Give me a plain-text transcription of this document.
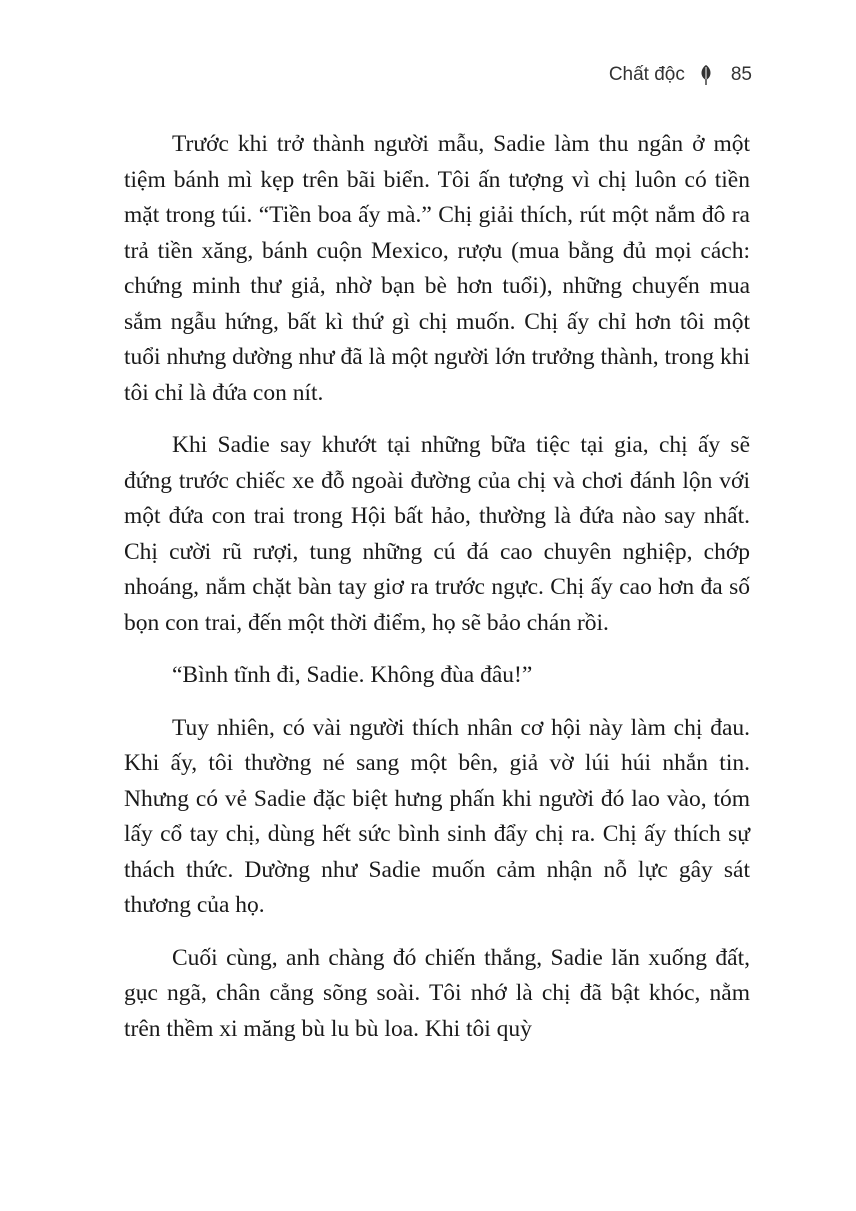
Chất độc 85

Trước khi trở thành người mẫu, Sadie làm thu ngân ở một tiệm bánh mì kẹp trên bãi biển. Tôi ấn tượng vì chị luôn có tiền mặt trong túi. “Tiền boa ấy mà.” Chị giải thích, rút một nắm đô ra trả tiền xăng, bánh cuộn Mexico, rượu (mua bằng đủ mọi cách: chứng minh thư giả, nhờ bạn bè hơn tuổi), những chuyến mua sắm ngẫu hứng, bất kì thứ gì chị muốn. Chị ấy chỉ hơn tôi một tuổi nhưng dường như đã là một người lớn trưởng thành, trong khi tôi chỉ là đứa con nít.

Khi Sadie say khướt tại những bữa tiệc tại gia, chị ấy sẽ đứng trước chiếc xe đỗ ngoài đường của chị và chơi đánh lộn với một đứa con trai trong Hội bất hảo, thường là đứa nào say nhất. Chị cười rũ rượi, tung những cú đá cao chuyên nghiệp, chớp nhoáng, nắm chặt bàn tay giơ ra trước ngực. Chị ấy cao hơn đa số bọn con trai, đến một thời điểm, họ sẽ bảo chán rồi.

“Bình tĩnh đi, Sadie. Không đùa đâu!”

Tuy nhiên, có vài người thích nhân cơ hội này làm chị đau. Khi ấy, tôi thường né sang một bên, giả vờ lúi húi nhắn tin. Nhưng có vẻ Sadie đặc biệt hưng phấn khi người đó lao vào, tóm lấy cổ tay chị, dùng hết sức bình sinh đẩy chị ra. Chị ấy thích sự thách thức. Dường như Sadie muốn cảm nhận nỗ lực gây sát thương của họ.

Cuối cùng, anh chàng đó chiến thắng, Sadie lăn xuống đất, gục ngã, chân cẳng sõng soài. Tôi nhớ là chị đã bật khóc, nằm trên thềm xi măng bù lu bù loa. Khi tôi quỳ
